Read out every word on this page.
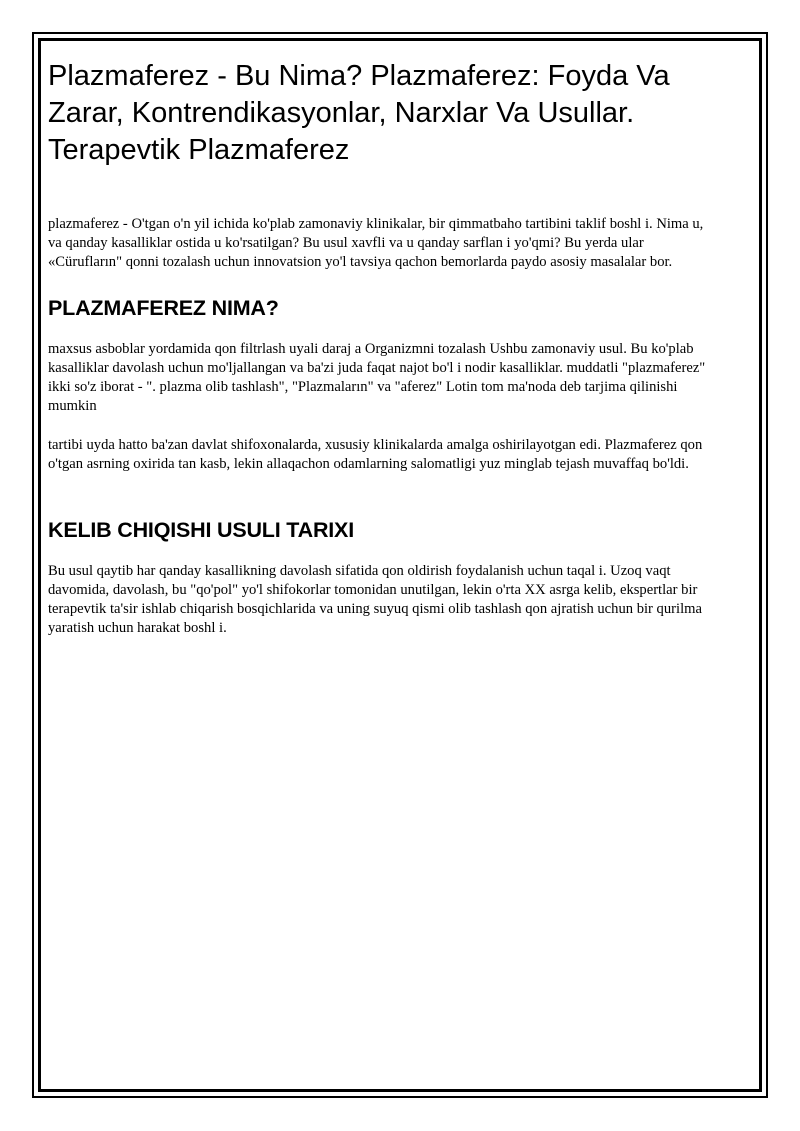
Plazmaferez - Bu Nima? Plazmaferez: Foyda Va Zarar, Kontrendikasyonlar, Narxlar Va Usullar. Terapevtik Plazmaferez

plazmaferez - O'tgan o'n yil ichida ko'plab zamonaviy klinikalar, bir qimmatbaho tartibini taklif boshl i. Nima u, va qanday kasalliklar ostida u ko'rsatilgan? Bu usul xavfli va u qanday sarflan i yo'qmi? Bu yerda ular «Cürufların" qonni tozalash uchun innovatsion yo'l tavsiya qachon bemorlarda paydo asosiy masalalar bor.

PLAZMAFEREZ NIMA?

maxsus asboblar yordamida qon filtrlash uyali daraj a Organizmni tozalash Ushbu zamonaviy usul. Bu ko'plab kasalliklar davolash uchun mo'ljallangan va ba'zi juda faqat najot bo'l i nodir kasalliklar. muddatli "plazmaferez" ikki so'z iborat - ". plazma olib tashlash", "Plazmaların" va "aferez" Lotin tom ma'noda deb tarjima qilinishi mumkin

tartibi uyda hatto ba'zan davlat shifoxonalarda, xususiy klinikalarda amalga oshirilayotgan edi. Plazmaferez qon o'tgan asrning oxirida tan kasb, lekin allaqachon odamlarning salomatligi yuz minglab tejash muvaffaq bo'ldi.

KELIB CHIQISHI USULI TARIXI

Bu usul qaytib har qanday kasallikning davolash sifatida qon oldirish foydalanish uchun taqal i. Uzoq vaqt davomida, davolash, bu "qo'pol" yo'l shifokorlar tomonidan unutilgan, lekin o'rta XX asrga kelib, ekspertlar bir terapevtik ta'sir ishlab chiqarish bosqichlarida va uning suyuq qismi olib tashlash qon ajratish uchun bir qurilma yaratish uchun harakat boshl i.
